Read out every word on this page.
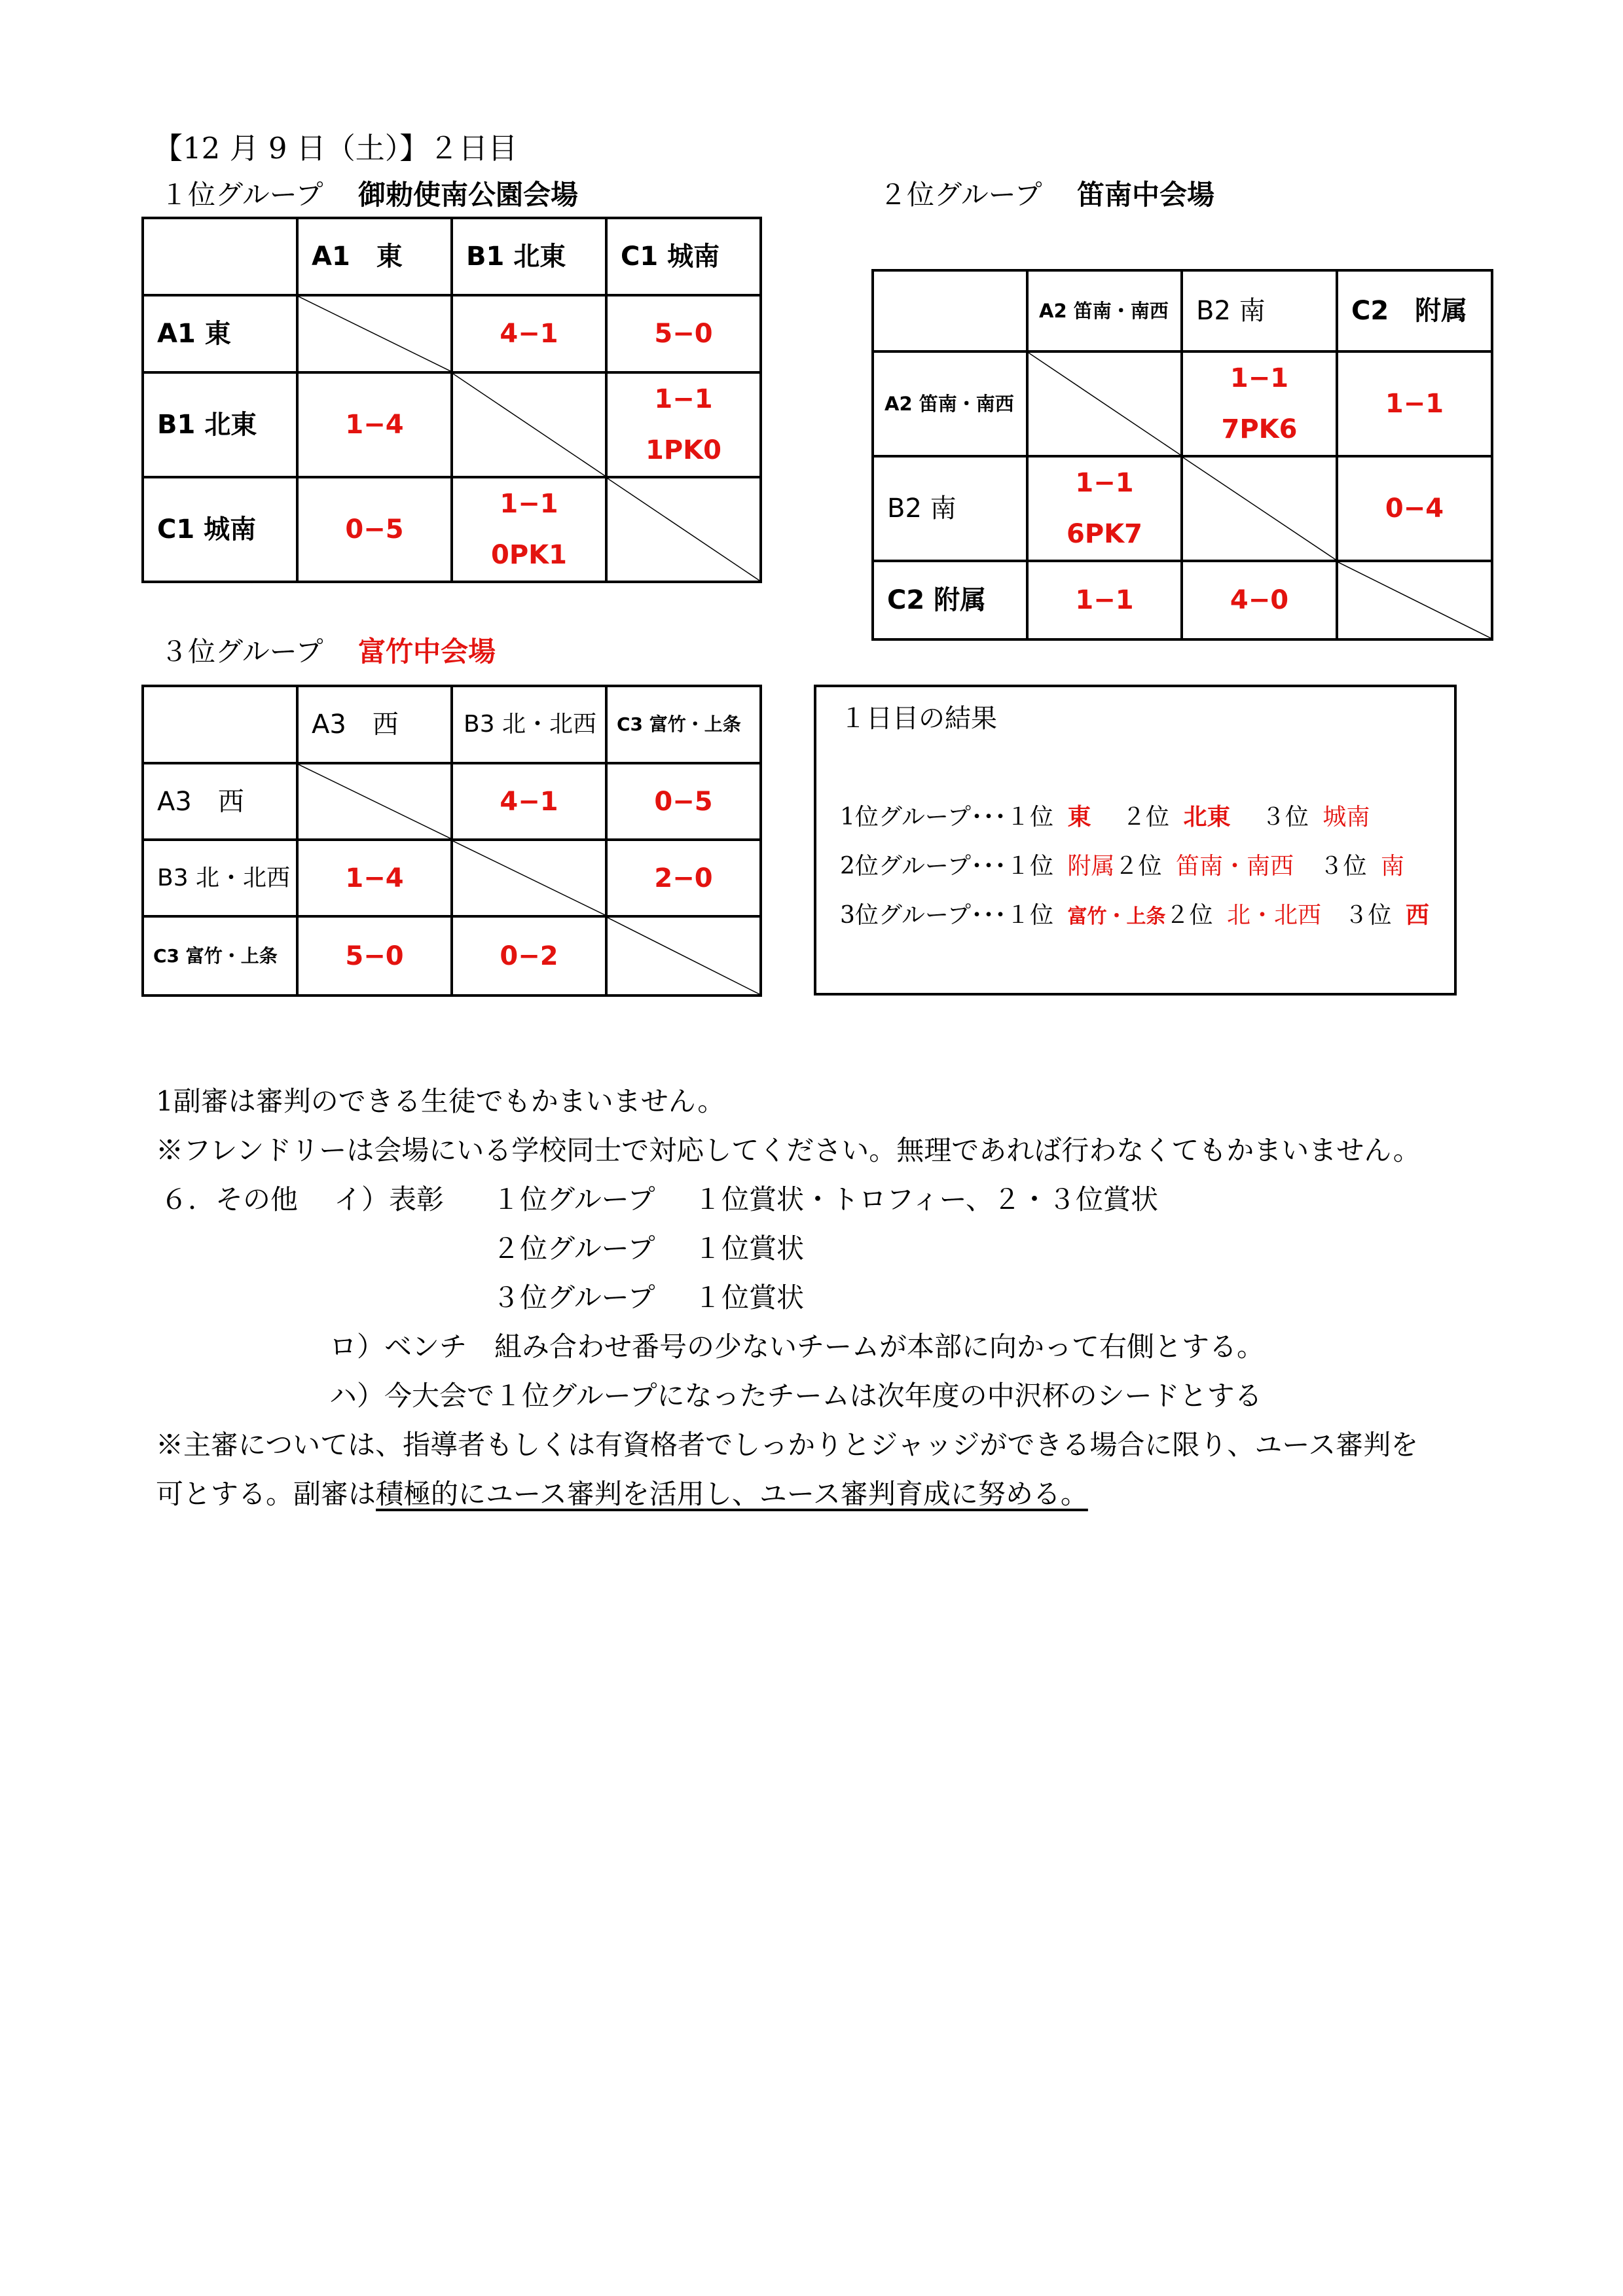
【12 月 9 日（土）】２日目
１位グループ 御勅使南公園会場
	A1　東	B1 北東	C1 城南
A1 東		4−1	5−0
B1 北東	1−4		1−1
1PK0
C1 城南	0−5	1−1
0PK1	
２位グループ 笛南中会場
	A2 笛南・南西	B2 南	C2　附属
A2 笛南・南西		1−1
7PK6	1−1
B2 南	1−1
6PK7		0−4
C2 附属	1−1	4−0	
３位グループ 富竹中会場
	A3　西	B3 北・北西	C3 富竹・上条
A3　西		4−1	0−5
B3 北・北西	1−4		2−0
C3 富竹・上条	5−0	0−2	
１日目の結果
1位グループ･･･１位 東 ２位 北東 ３位 城南
2位グループ･･･１位 附属２位 笛南・南西 ３位 南
3位グループ･･･１位 富竹・上条２位 北・北西 ３位 西
1副審は審判のできる生徒でもかまいません。
※フレンドリーは会場にいる学校同士で対応してください。無理であれば行わなくてもかまいません。
６．その他 イ）表彰 １位グループ １位賞状・トロフィー、２・３位賞状
２位グループ １位賞状
３位グループ １位賞状
ロ）ベンチ　組み合わせ番号の少ないチームが本部に向かって右側とする。
ハ）今大会で１位グループになったチームは次年度の中沢杯のシードとする
※主審については、指導者もしくは有資格者でしっかりとジャッジができる場合に限り、ユース審判を
可とする。副審は積極的にユース審判を活用し、ユース審判育成に努める。
